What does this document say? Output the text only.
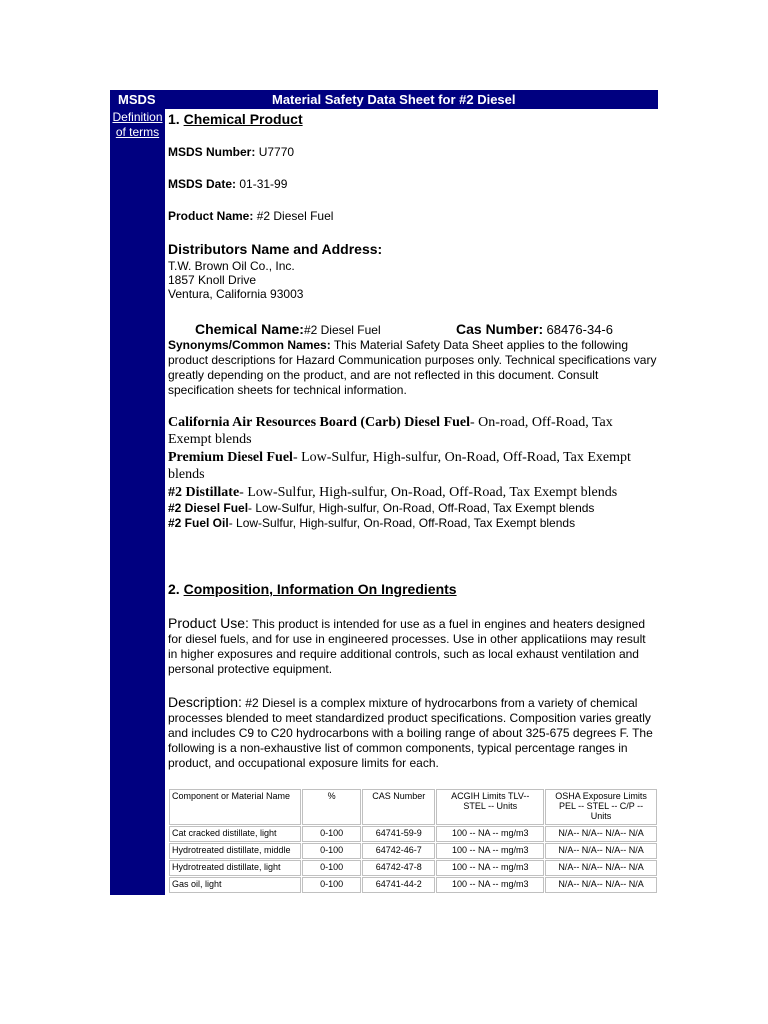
MSDS	Material Safety Data Sheet for #2 Diesel
Definition
of terms
1. Chemical Product
MSDS Number: U7770
MSDS Date: 01-31-99
Product Name: #2 Diesel Fuel
Distributors Name and Address:
T.W. Brown Oil Co., Inc.
1857 Knoll Drive
Ventura, California 93003
Chemical Name:#2 Diesel Fuel	Cas Number: 68476-34-6
Synonyms/Common Names: This Material Safety Data Sheet applies to the following product descriptions for Hazard Communication purposes only. Technical specifications vary greatly depending on the product, and are not reflected in this document. Consult specification sheets for technical information.
California Air Resources Board (Carb) Diesel Fuel- On-road, Off-Road, Tax Exempt blends
Premium Diesel Fuel- Low-Sulfur, High-sulfur, On-Road, Off-Road, Tax Exempt blends
#2 Distillate- Low-Sulfur, High-sulfur, On-Road, Off-Road, Tax Exempt blends
#2 Diesel Fuel- Low-Sulfur, High-sulfur, On-Road, Off-Road, Tax Exempt blends
#2 Fuel Oil- Low-Sulfur, High-sulfur, On-Road, Off-Road, Tax Exempt blends
2. Composition, Information On Ingredients
Product Use: This product is intended for use as a fuel in engines and heaters designed for diesel fuels, and for use in engineered processes. Use in other applicatiions may result in higher exposures and require additional controls, such as local exhaust ventilation and personal protective equipment.
Description: #2 Diesel is a complex mixture of hydrocarbons from a variety of chemical processes blended to meet standardized product specifications. Composition varies greatly and includes C9 to C20 hydrocarbons with a boiling range of about 325-675 degrees F. The following is a non-exhaustive list of common components, typical percentage ranges in product, and occupational exposure limits for each.
Component or Material Name	%	CAS Number	ACGIH Limits TLV-- STEL -- Units	OSHA Exposure Limits PEL -- STEL -- C/P -- Units
Cat cracked distillate, light	0-100	64741-59-9	100 -- NA -- mg/m3	N/A-- N/A-- N/A-- N/A
Hydrotreated distillate, middle	0-100	64742-46-7	100 -- NA -- mg/m3	N/A-- N/A-- N/A-- N/A
Hydrotreated distillate, light	0-100	64742-47-8	100 -- NA -- mg/m3	N/A-- N/A-- N/A-- N/A
Gas oil, light	0-100	64741-44-2	100 -- NA -- mg/m3	N/A-- N/A-- N/A-- N/A
